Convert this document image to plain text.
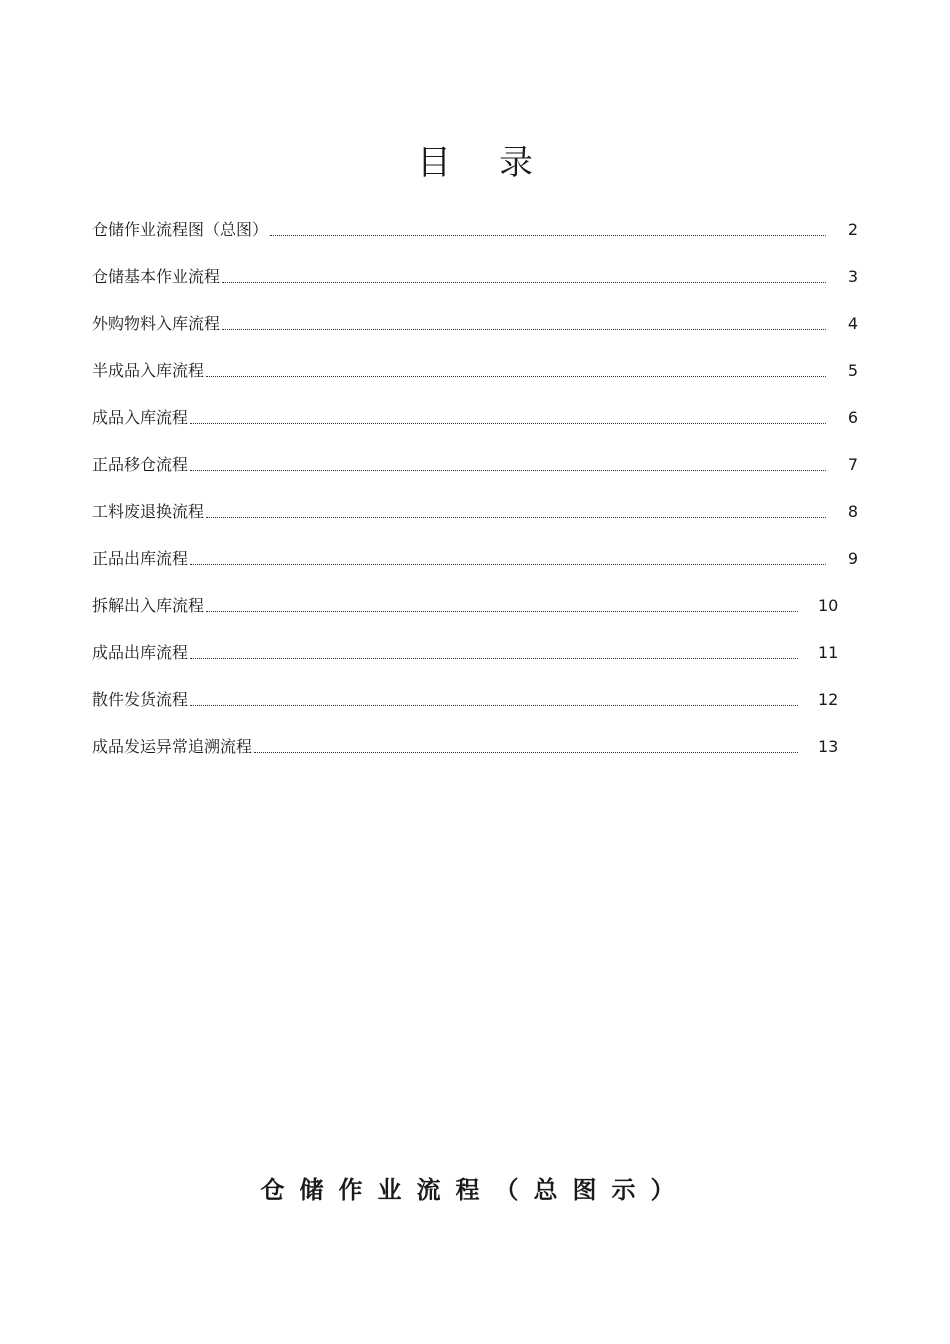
目 录
仓储作业流程图（总图）	2
仓储基本作业流程	3
外购物料入库流程	4
半成品入库流程	5
成品入库流程	6
正品移仓流程	7
工料废退换流程	8
正品出库流程	9
拆解出入库流程	10
成品出库流程	11
散件发货流程	12
成品发运异常追溯流程	13
仓储作业流程（总图示）
